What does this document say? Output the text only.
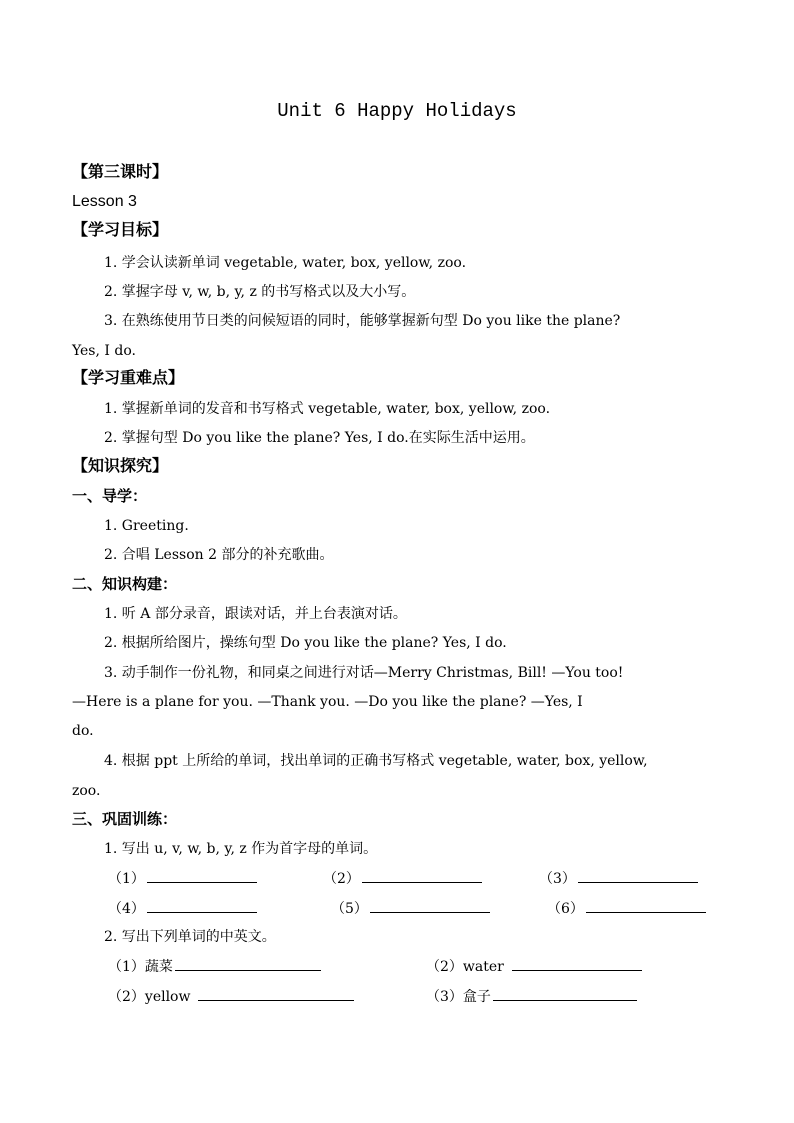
Unit 6 Happy Holidays
【第三课时】
Lesson 3
【学习目标】
1. 学会认读新单词 vegetable, water, box, yellow, zoo.
2. 掌握字母 v, w, b, y, z 的书写格式以及大小写。
3. 在熟练使用节日类的问候短语的同时，能够掌握新句型 Do you like the plane?
Yes, I do.
【学习重难点】
1. 掌握新单词的发音和书写格式 vegetable, water, box, yellow, zoo.
2. 掌握句型 Do you like the plane? Yes, I do.在实际生活中运用。
【知识探究】
一、导学：
1. Greeting.
2. 合唱 Lesson 2 部分的补充歌曲。
二、知识构建：
1. 听 A 部分录音，跟读对话，并上台表演对话。
2. 根据所给图片，操练句型 Do you like the plane? Yes, I do.
3. 动手制作一份礼物，和同桌之间进行对话—Merry Christmas, Bill! —You too!
—Here is a plane for you. —Thank you. —Do you like the plane? —Yes, I
do.
4. 根据 ppt 上所给的单词，找出单词的正确书写格式 vegetable, water, box, yellow,
zoo.
三、巩固训练：
1. 写出 u, v, w, b, y, z 作为首字母的单词。
（1）	（2）	（3）
（4）	（5）	（6）
2. 写出下列单词的中英文。
（1）蔬菜	（2）water
（2）yellow	（3）盒子
